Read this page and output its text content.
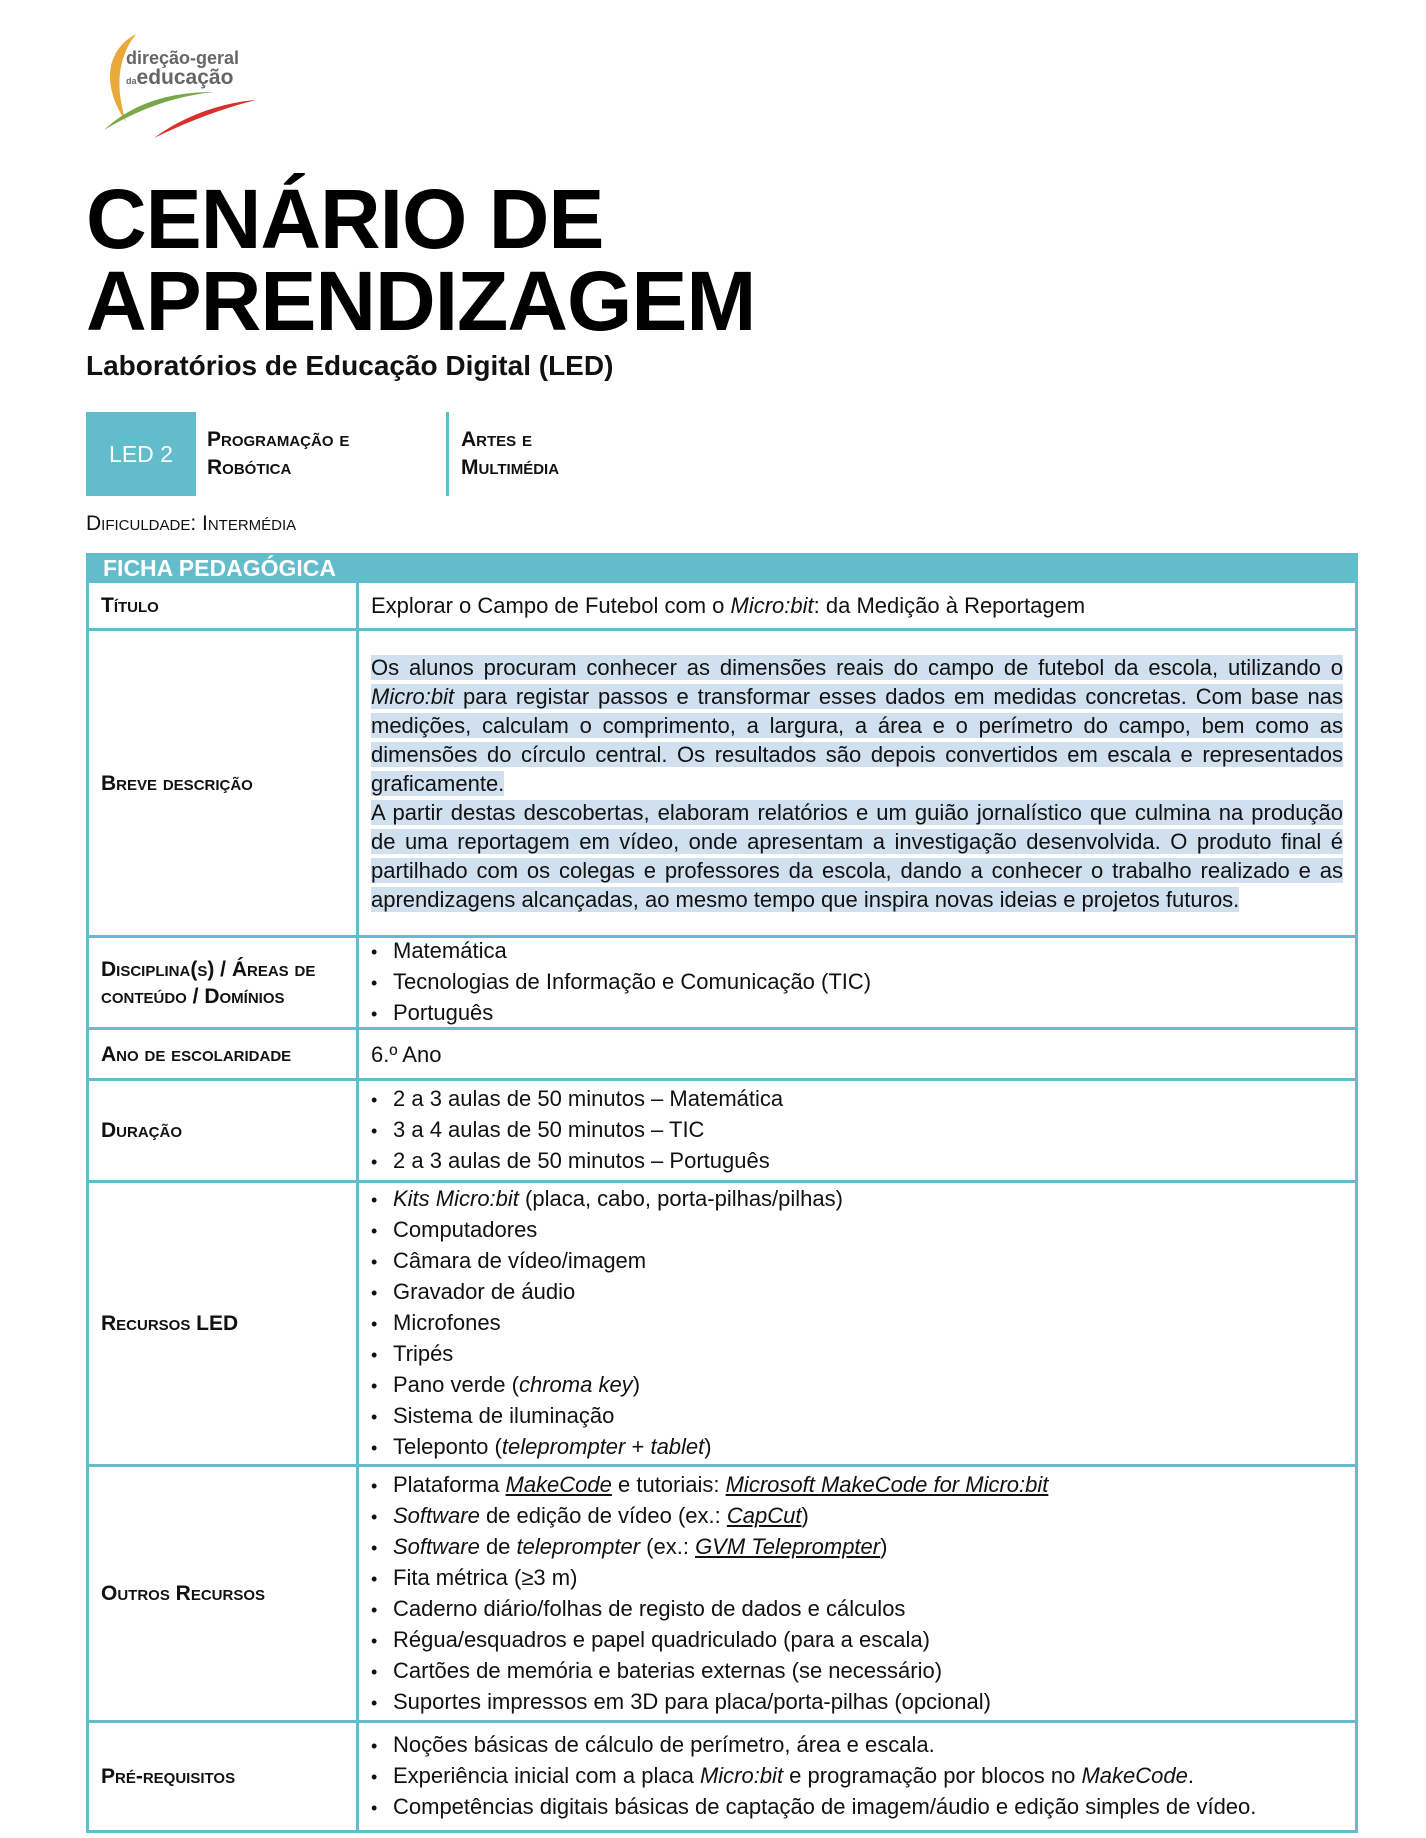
direção-geral
daeducação
CENÁRIO DE
APRENDIZAGEM
Laboratórios de Educação Digital (LED)
LED 2
Programação e
Robótica
Artes e
Multimédia
Dificuldade: Intermédia
FICHA PEDAGÓGICA
Título	Explorar o Campo de Futebol com o Micro:bit: da Medição à Reportagem
Breve descrição

Os alunos procuram conhecer as dimensões reais do campo de futebol da escola, utilizando o Micro:bit para registar passos e transformar esses dados em medidas concretas. Com base nas medições, calculam o comprimento, a largura, a área e o perímetro do campo, bem como as dimensões do círculo central. Os resultados são depois convertidos em escala e representados graficamente.

A partir destas descobertas, elaboram relatórios e um guião jornalístico que culmina na produção de uma reportagem em vídeo, onde apresentam a investigação desenvolvida. O produto final é partilhado com os colegas e professores da escola, dando a conhecer o trabalho realizado e as aprendizagens alcançadas, ao mesmo tempo que inspira novas ideias e projetos futuros.

Disciplina(s) / Áreas de conteúdo / Domínios
• Matemática
• Tecnologias de Informação e Comunicação (TIC)
• Português
Ano de escolaridade	6.º Ano
Duração
• 2 a 3 aulas de 50 minutos – Matemática
• 3 a 4 aulas de 50 minutos – TIC
• 2 a 3 aulas de 50 minutos – Português
Recursos LED
• Kits Micro:bit (placa, cabo, porta-pilhas/pilhas)
• Computadores
• Câmara de vídeo/imagem
• Gravador de áudio
• Microfones
• Tripés
• Pano verde (chroma key)
• Sistema de iluminação
• Teleponto (teleprompter + tablet)
Outros Recursos
• Plataforma MakeCode e tutoriais: Microsoft MakeCode for Micro:bit
• Software de edição de vídeo (ex.: CapCut)
• Software de teleprompter (ex.: GVM Teleprompter)
• Fita métrica (≥3 m)
• Caderno diário/folhas de registo de dados e cálculos
• Régua/esquadros e papel quadriculado (para a escala)
• Cartões de memória e baterias externas (se necessário)
• Suportes impressos em 3D para placa/porta-pilhas (opcional)
Pré-requisitos
• Noções básicas de cálculo de perímetro, área e escala.
• Experiência inicial com a placa Micro:bit e programação por blocos no MakeCode.
• Competências digitais básicas de captação de imagem/áudio e edição simples de vídeo.
